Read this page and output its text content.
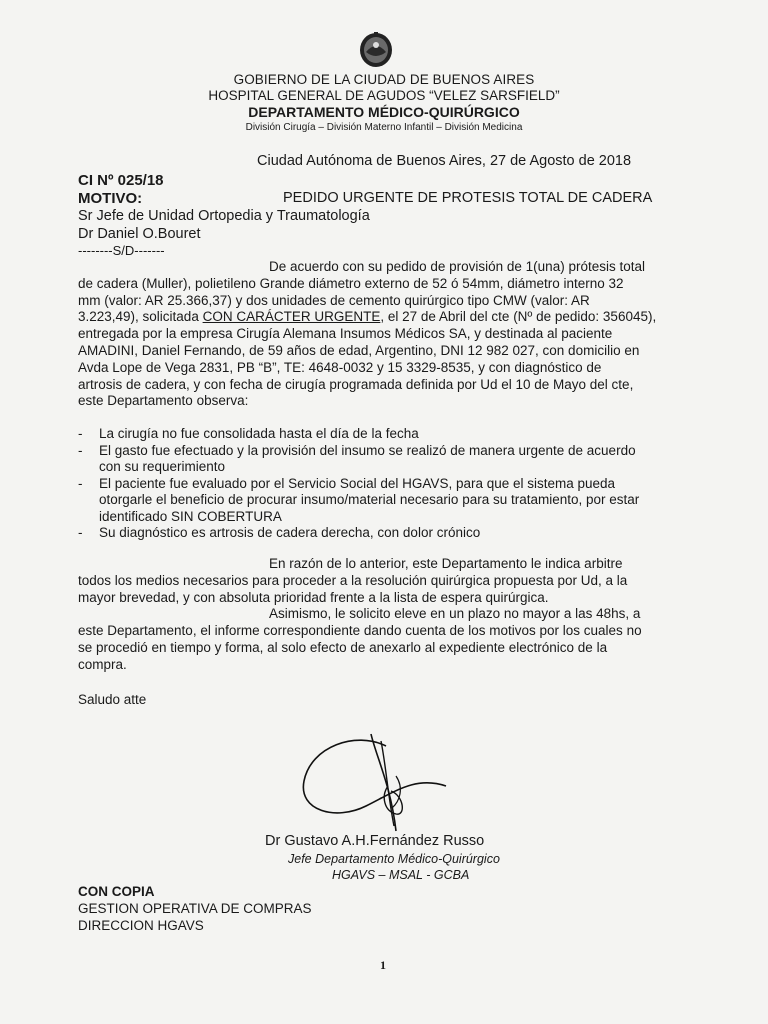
GOBIERNO DE LA CIUDAD DE BUENOS AIRES
HOSPITAL GENERAL DE AGUDOS “VELEZ SARSFIELD”
DEPARTAMENTO MÉDICO-QUIRÚRGICO
División Cirugía – División Materno Infantil – División Medicina
Ciudad Autónoma de Buenos Aires, 27 de Agosto de 2018
CI Nº 025/18
MOTIVO:	PEDIDO URGENTE DE PROTESIS TOTAL DE CADERA
Sr Jefe de Unidad Ortopedia y Traumatología
Dr Daniel O.Bouret
--------S/D-------
De acuerdo con su pedido de provisión de 1(una) prótesis total
de cadera (Muller), polietileno Grande diámetro externo de 52 ó 54mm, diámetro interno 32
mm (valor: AR 25.366,37) y dos unidades de cemento quirúrgico tipo CMW (valor: AR
3.223,49), solicitada CON CARÁCTER URGENTE, el 27 de Abril del cte (Nº de pedido: 356045),
entregada por la empresa Cirugía Alemana Insumos Médicos SA, y destinada al paciente
AMADINI, Daniel Fernando, de 59 años de edad, Argentino, DNI 12 982 027, con domicilio en
Avda Lope de Vega 2831, PB “B”, TE: 4648-0032 y 15 3329-8535, y con diagnóstico de
artrosis de cadera, y con fecha de cirugía programada definida por Ud el 10 de Mayo del cte,
este Departamento observa:
- La cirugía no fue consolidada hasta el día de la fecha
- El gasto fue efectuado y la provisión del insumo se realizó de manera urgente de acuerdo
con su requerimiento
- El paciente fue evaluado por el Servicio Social del HGAVS, para que el sistema pueda
otorgarle el beneficio de procurar insumo/material necesario para su tratamiento, por estar
identificado SIN COBERTURA
- Su diagnóstico es artrosis de cadera derecha, con dolor crónico
En razón de lo anterior, este Departamento le indica arbitre
todos los medios necesarios para proceder a la resolución quirúrgica propuesta por Ud, a la
mayor brevedad, y con absoluta prioridad frente a la lista de espera quirúrgica.
Asimismo, le solicito eleve en un plazo no mayor a las 48hs, a
este Departamento, el informe correspondiente dando cuenta de los motivos por los cuales no
se procedió en tiempo y forma, al solo efecto de anexarlo al expediente electrónico de la
compra.
Saludo atte
Dr Gustavo A.H.Fernández Russo
Jefe Departamento Médico-Quirúrgico
HGAVS – MSAL - GCBA
CON COPIA
GESTION OPERATIVA DE COMPRAS
DIRECCION HGAVS
1
